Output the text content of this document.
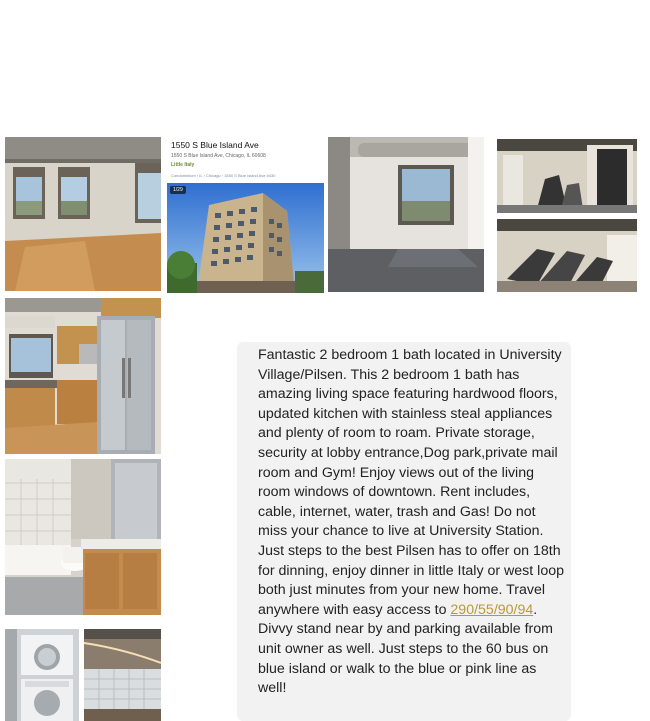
1550 S Blue Island Ave
1550 S Blue Island Ave, Chicago, IL 60608
Little Italy
Condominium › IL › Chicago › 1550 S Blue Island Ave #430
1/29

Fantastic 2 bedroom 1 bath located in University Village/Pilsen. This 2 bedroom 1 bath has amazing living space featuring hardwood floors, updated kitchen with stainless steal appliances and plenty of room to roam. Private storage, security at lobby entrance,Dog park,private mail room and Gym! Enjoy views out of the living room windows of downtown. Rent includes, cable, internet, water, trash and Gas! Do not miss your chance to live at University Station. Just steps to the best Pilsen has to offer on 18th for dinning, enjoy dinner in little Italy or west loop both just minutes from your new home. Travel anywhere with easy access to 290/55/90/94. Divvy stand near by and parking available from unit owner as well. Just steps to the 60 bus on blue island or walk to the blue or pink line as well!
